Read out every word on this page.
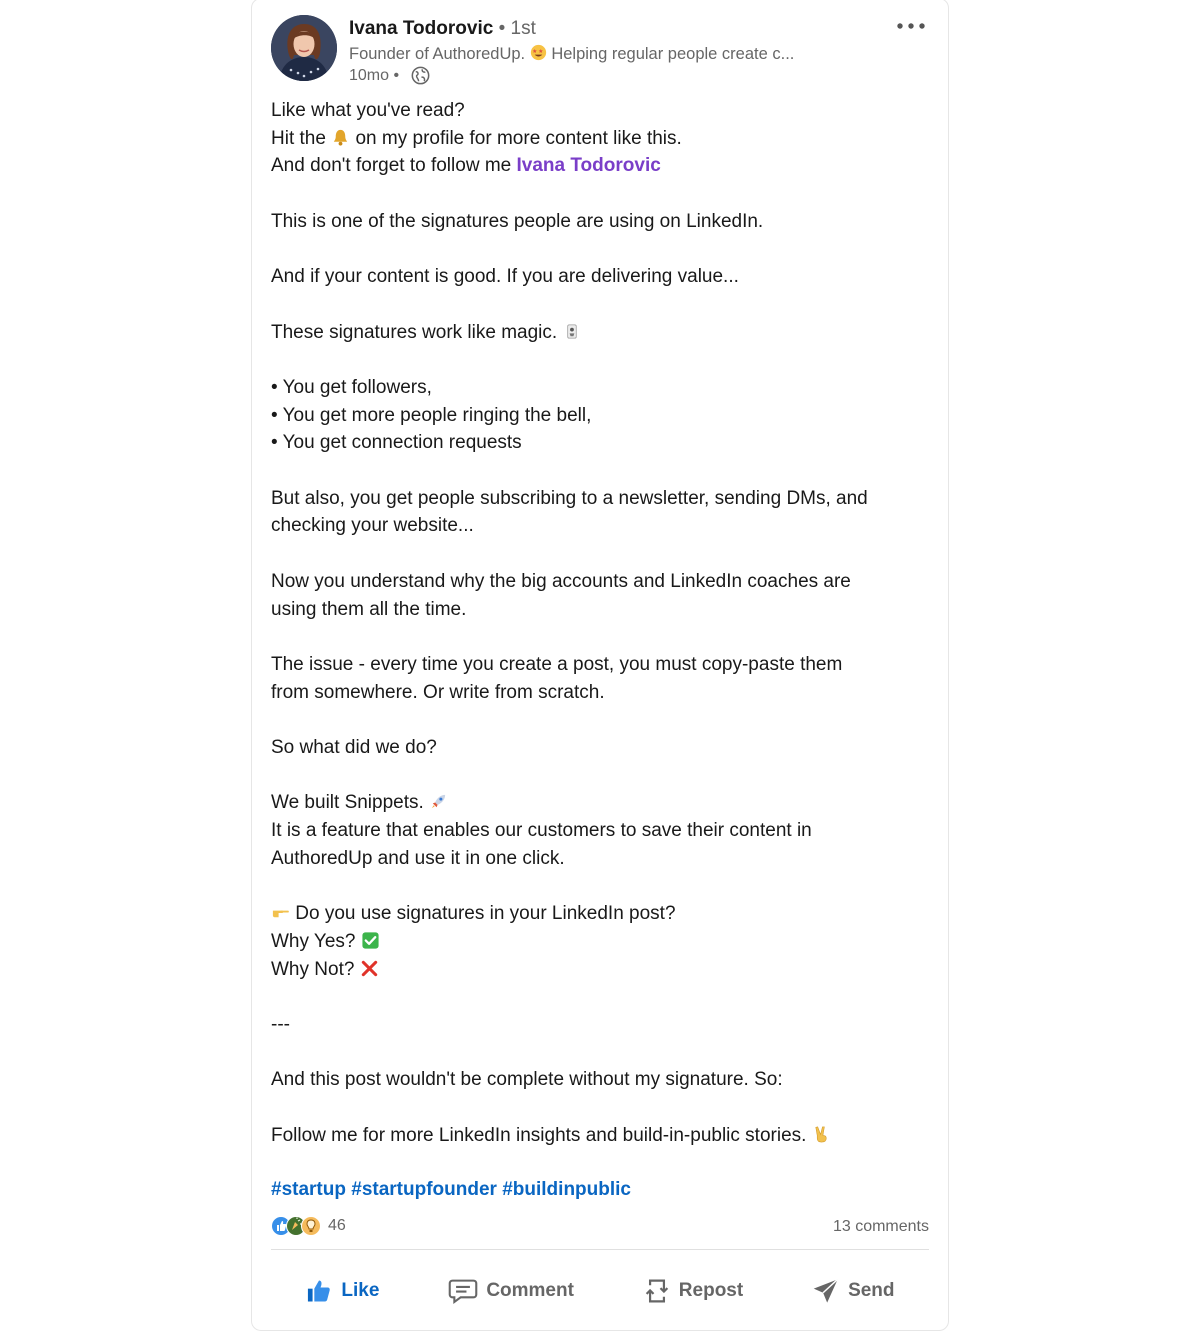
Ivana Todorovic • 1st
Founder of AuthoredUp. Helping regular people create c...
10mo •

Like what you've read?

Hit the on my profile for more content like this.

And don't forget to follow me Ivana Todorovic

This is one of the signatures people are using on LinkedIn.

And if your content is good. If you are delivering value...

These signatures work like magic.

• You get followers,

• You get more people ringing the bell,

• You get connection requests

But also, you get people subscribing to a newsletter, sending DMs, and

checking your website...

Now you understand why the big accounts and LinkedIn coaches are

using them all the time.

The issue - every time you create a post, you must copy-paste them

from somewhere. Or write from scratch.

So what did we do?

We built Snippets.

It is a feature that enables our customers to save their content in

AuthoredUp and use it in one click.

Do you use signatures in your LinkedIn post?

Why Yes?

Why Not?

---

And this post wouldn't be complete without my signature. So:

Follow me for more LinkedIn insights and build-in-public stories.

#startup #startupfounder #buildinpublic
46	13 comments
Like	Comment	Repost	Send
